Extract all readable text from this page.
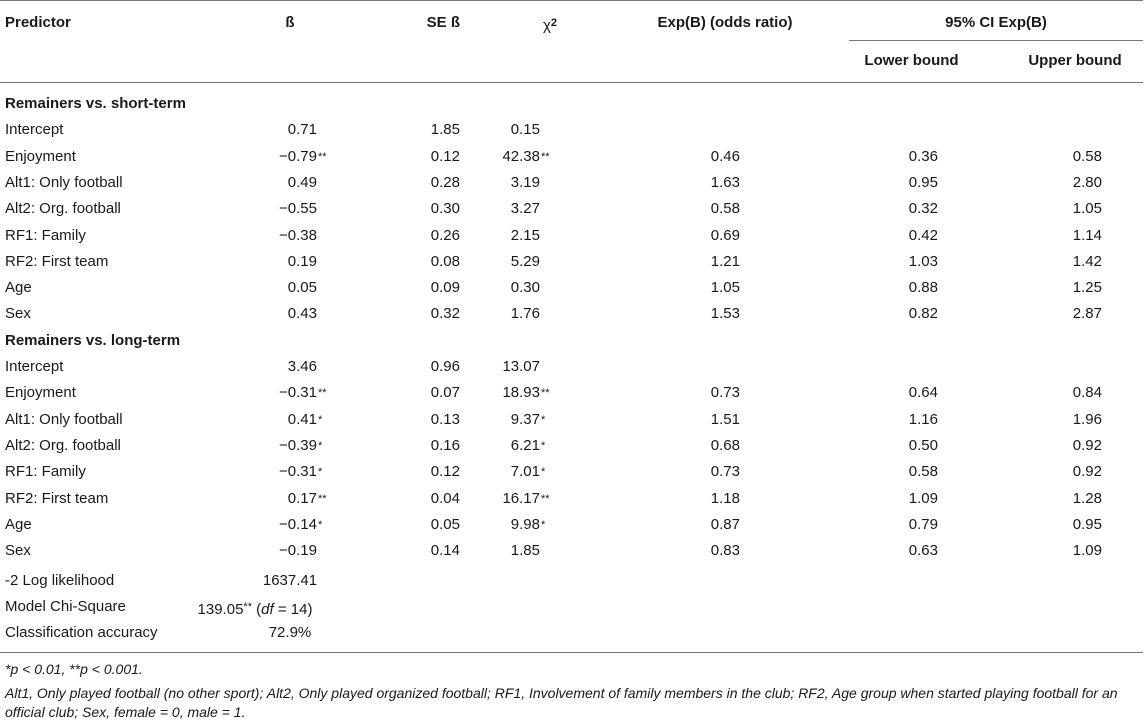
Predictor	ß	SE ß	$\chi^2$	Exp(B) (odds ratio)	95% CI Exp(B)
Lower bound	Upper bound
Remainers vs. short-term
Intercept	0.71	1.85	0.15
Enjoyment	−0.79 **	0.12	42.38 **	0.46	0.36	0.58
Alt1: Only football	0.49	0.28	3.19	1.63	0.95	2.80
Alt2: Org. football	−0.55	0.30	3.27	0.58	0.32	1.05
RF1: Family	−0.38	0.26	2.15	0.69	0.42	1.14
RF2: First team	0.19	0.08	5.29	1.21	1.03	1.42
Age	0.05	0.09	0.30	1.05	0.88	1.25
Sex	0.43	0.32	1.76	1.53	0.82	2.87
Remainers vs. long-term
Intercept	3.46	0.96	13.07
Enjoyment	−0.31 **	0.07	18.93 **	0.73	0.64	0.84
Alt1: Only football	0.41 *	0.13	9.37 *	1.51	1.16	1.96
Alt2: Org. football	−0.39 *	0.16	6.21 *	0.68	0.50	0.92
RF1: Family	−0.31 *	0.12	7.01 *	0.73	0.58	0.92
RF2: First team	0.17 **	0.04	16.17 **	1.18	1.09	1.28
Age	−0.14 *	0.05	9.98 *	0.87	0.79	0.95
Sex	−0.19	0.14	1.85	0.83	0.63	1.09
-2 Log likelihood	1637.41
Model Chi-Square	139.05** (df = 14)
Classification accuracy	72.9%
*p < 0.01, **p < 0.001.
Alt1, Only played football (no other sport); Alt2, Only played organized football; RF1, Involvement of family members in the club; RF2, Age group when started playing football for an official club; Sex, female = 0, male = 1.
